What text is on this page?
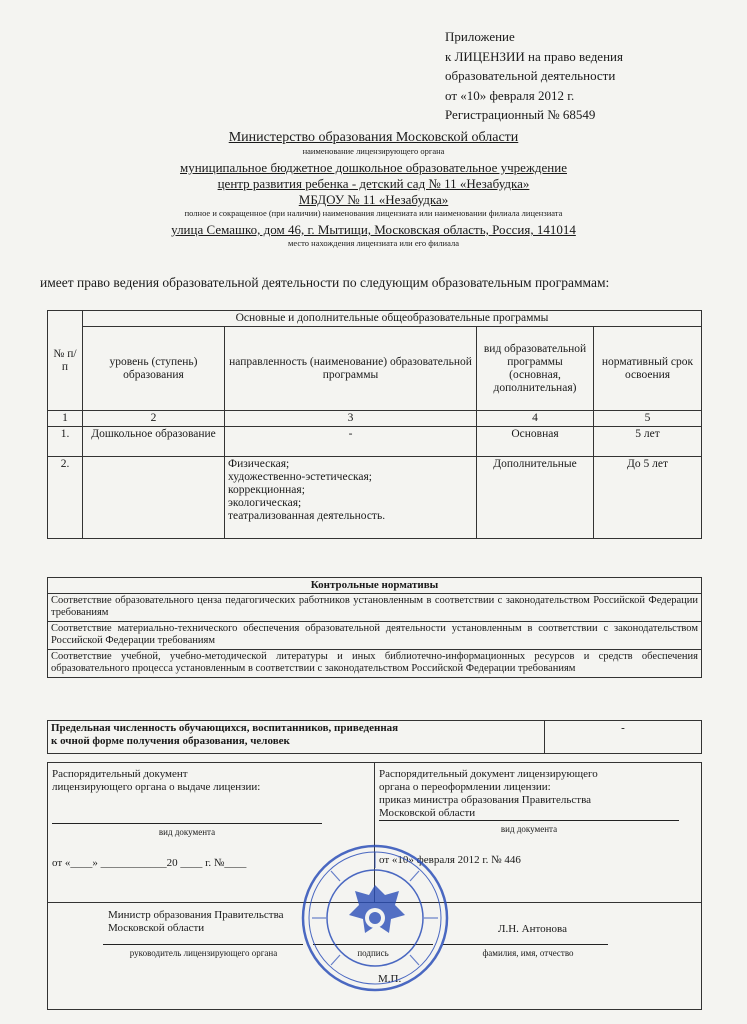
Приложение
к ЛИЦЕНЗИИ на право ведения
образовательной деятельности
от «10» февраля 2012 г.
Регистрационный № 68549
Министерство образования Московской области
наименование лицензирующего органа
муниципальное бюджетное дошкольное образовательное учреждение
центр развития ребенка - детский сад № 11 «Незабудка»
МБДОУ № 11 «Незабудка»
полное и сокращенное (при наличии) наименования лицензиата или наименовании филиала лицензиата
улица Семашко, дом 46, г. Мытищи, Московская область, Россия, 141014
место нахождения лицензиата или его филиала
имеет право ведения образовательной деятельности по следующим образовательным программам:
№ п/п	Основные и дополнительные общеобразовательные программы			
	уровень (ступень) образования	направленность (наименование) образовательной программы	вид образовательной программы (основная, дополнительная)	нормативный срок освоения
1	2	3	4	5
1.	Дошкольное образование	-	Основная	5 лет
2.		Физическая;
художественно-эстетическая;
коррекционная;
экологическая;
театрализованная деятельность.	Дополнительные	До 5 лет
Контрольные нормативы
Соответствие образовательного ценза педагогических работников установленным в соответствии с законодательством Российской Федерации требованиям
Соответствие материально-технического обеспечения образовательной деятельности установленным в соответствии с законодательством Российской Федерации требованиям
Соответствие учебной, учебно-методической литературы и иных библиотечно-информационных ресурсов и средств обеспечения образовательного процесса установленным в соответствии с законодательством Российской Федерации требованиям
Предельная численность обучающихся, воспитанников, приведенная
к очной форме получения образования, человек
	-
Распорядительный документ
лицензирующего органа о выдаче лицензии:
вид документа
от «____» ____________20 ____ г. №____

Распорядительный документ лицензирующего
органа о переоформлении лицензии:
приказ министра образования Правительства
Московской области
вид документа
от «10» февраля 2012 г. № 446

Министр образования Правительства
Московской области	Л.Н. Антонова
руководитель лицензирующего органа	подпись	фамилия, имя, отчество
М.П.
